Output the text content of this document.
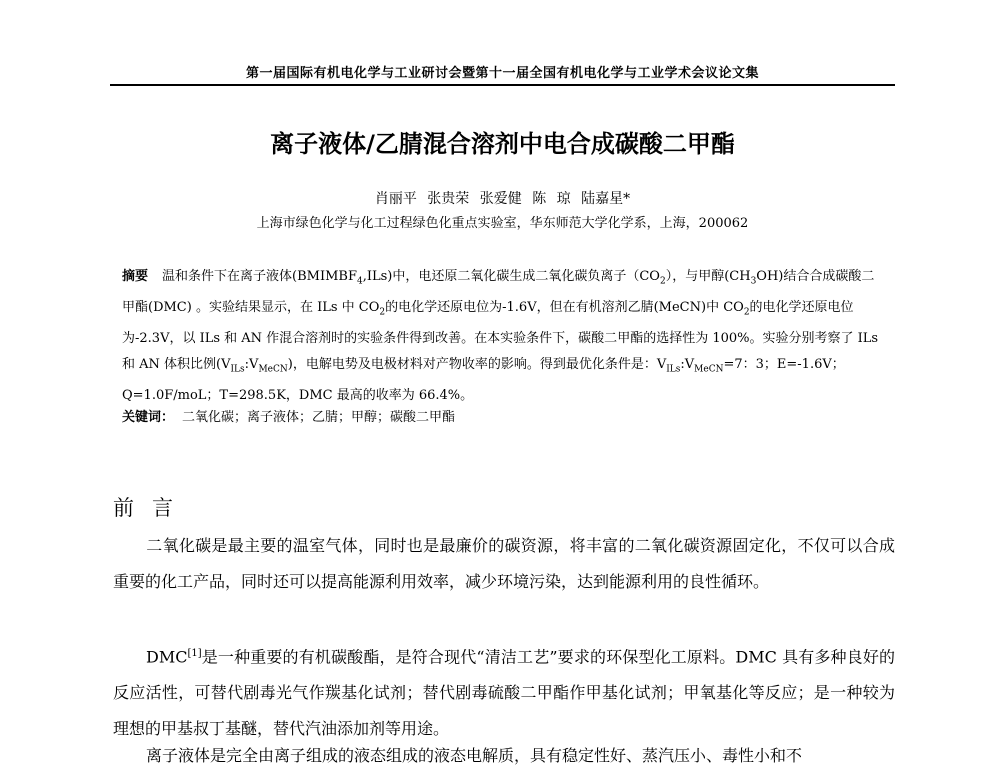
第一届国际有机电化学与工业研讨会暨第十一届全国有机电化学与工业学术会议论文集
离子液体/乙腈混合溶剂中电合成碳酸二甲酯
肖丽平 张贵荣 张爱健 陈 琼 陆嘉星*
上海市绿色化学与化工过程绿色化重点实验室，华东师范大学化学系，上海，200062
摘要 温和条件下在离子液体$(BMIMBF_4,ILs)$中，电还原二氧化碳生成二氧化碳负离子$(CO_2)$，与甲醇$(CH_3OH)$结合合成碳酸二甲酯(DMC) 。实验结果显示，在 ILs 中 $CO_2$的电化学还原电位为-1.6V，但在有机溶剂乙腈(MeCN)中 $CO_2$的电化学还原电位为-2.3V，以 ILs 和 AN 作混合溶剂时的实验条件得到改善。在本实验条件下，碳酸二甲酯的选择性为 100%。实验分别考察了 ILs 和 AN 体积比例$(V_{ILs}:V_{MeCN})$，电解电势及电极材料对产物收率的影响。得到最优化条件是：$V_{ILs}:V_{MeCN}=7$：3；E=-1.6V；Q=1.0F/moL；T=298.5K，DMC 最高的收率为 66.4%。
关键词： 二氧化碳；离子液体；乙腈；甲醇；碳酸二甲酯
前言
二氧化碳是最主要的温室气体，同时也是最廉价的碳资源，将丰富的二氧化碳资源固定化，不仅可以合成重要的化工产品，同时还可以提高能源利用效率，减少环境污染，达到能源利用的良性循环。
DMC[1]是一种重要的有机碳酸酯，是符合现代“清洁工艺”要求的环保型化工原料。DMC 具有多种良好的反应活性，可替代剧毒光气作羰基化试剂；替代剧毒硫酸二甲酯作甲基化试剂；甲氧基化等反应；是一种较为理想的甲基叔丁基醚，替代汽油添加剂等用途。
离子液体是完全由离子组成的液态组成的液态电解质，具有稳定性好、蒸汽压小、毒性小和不
